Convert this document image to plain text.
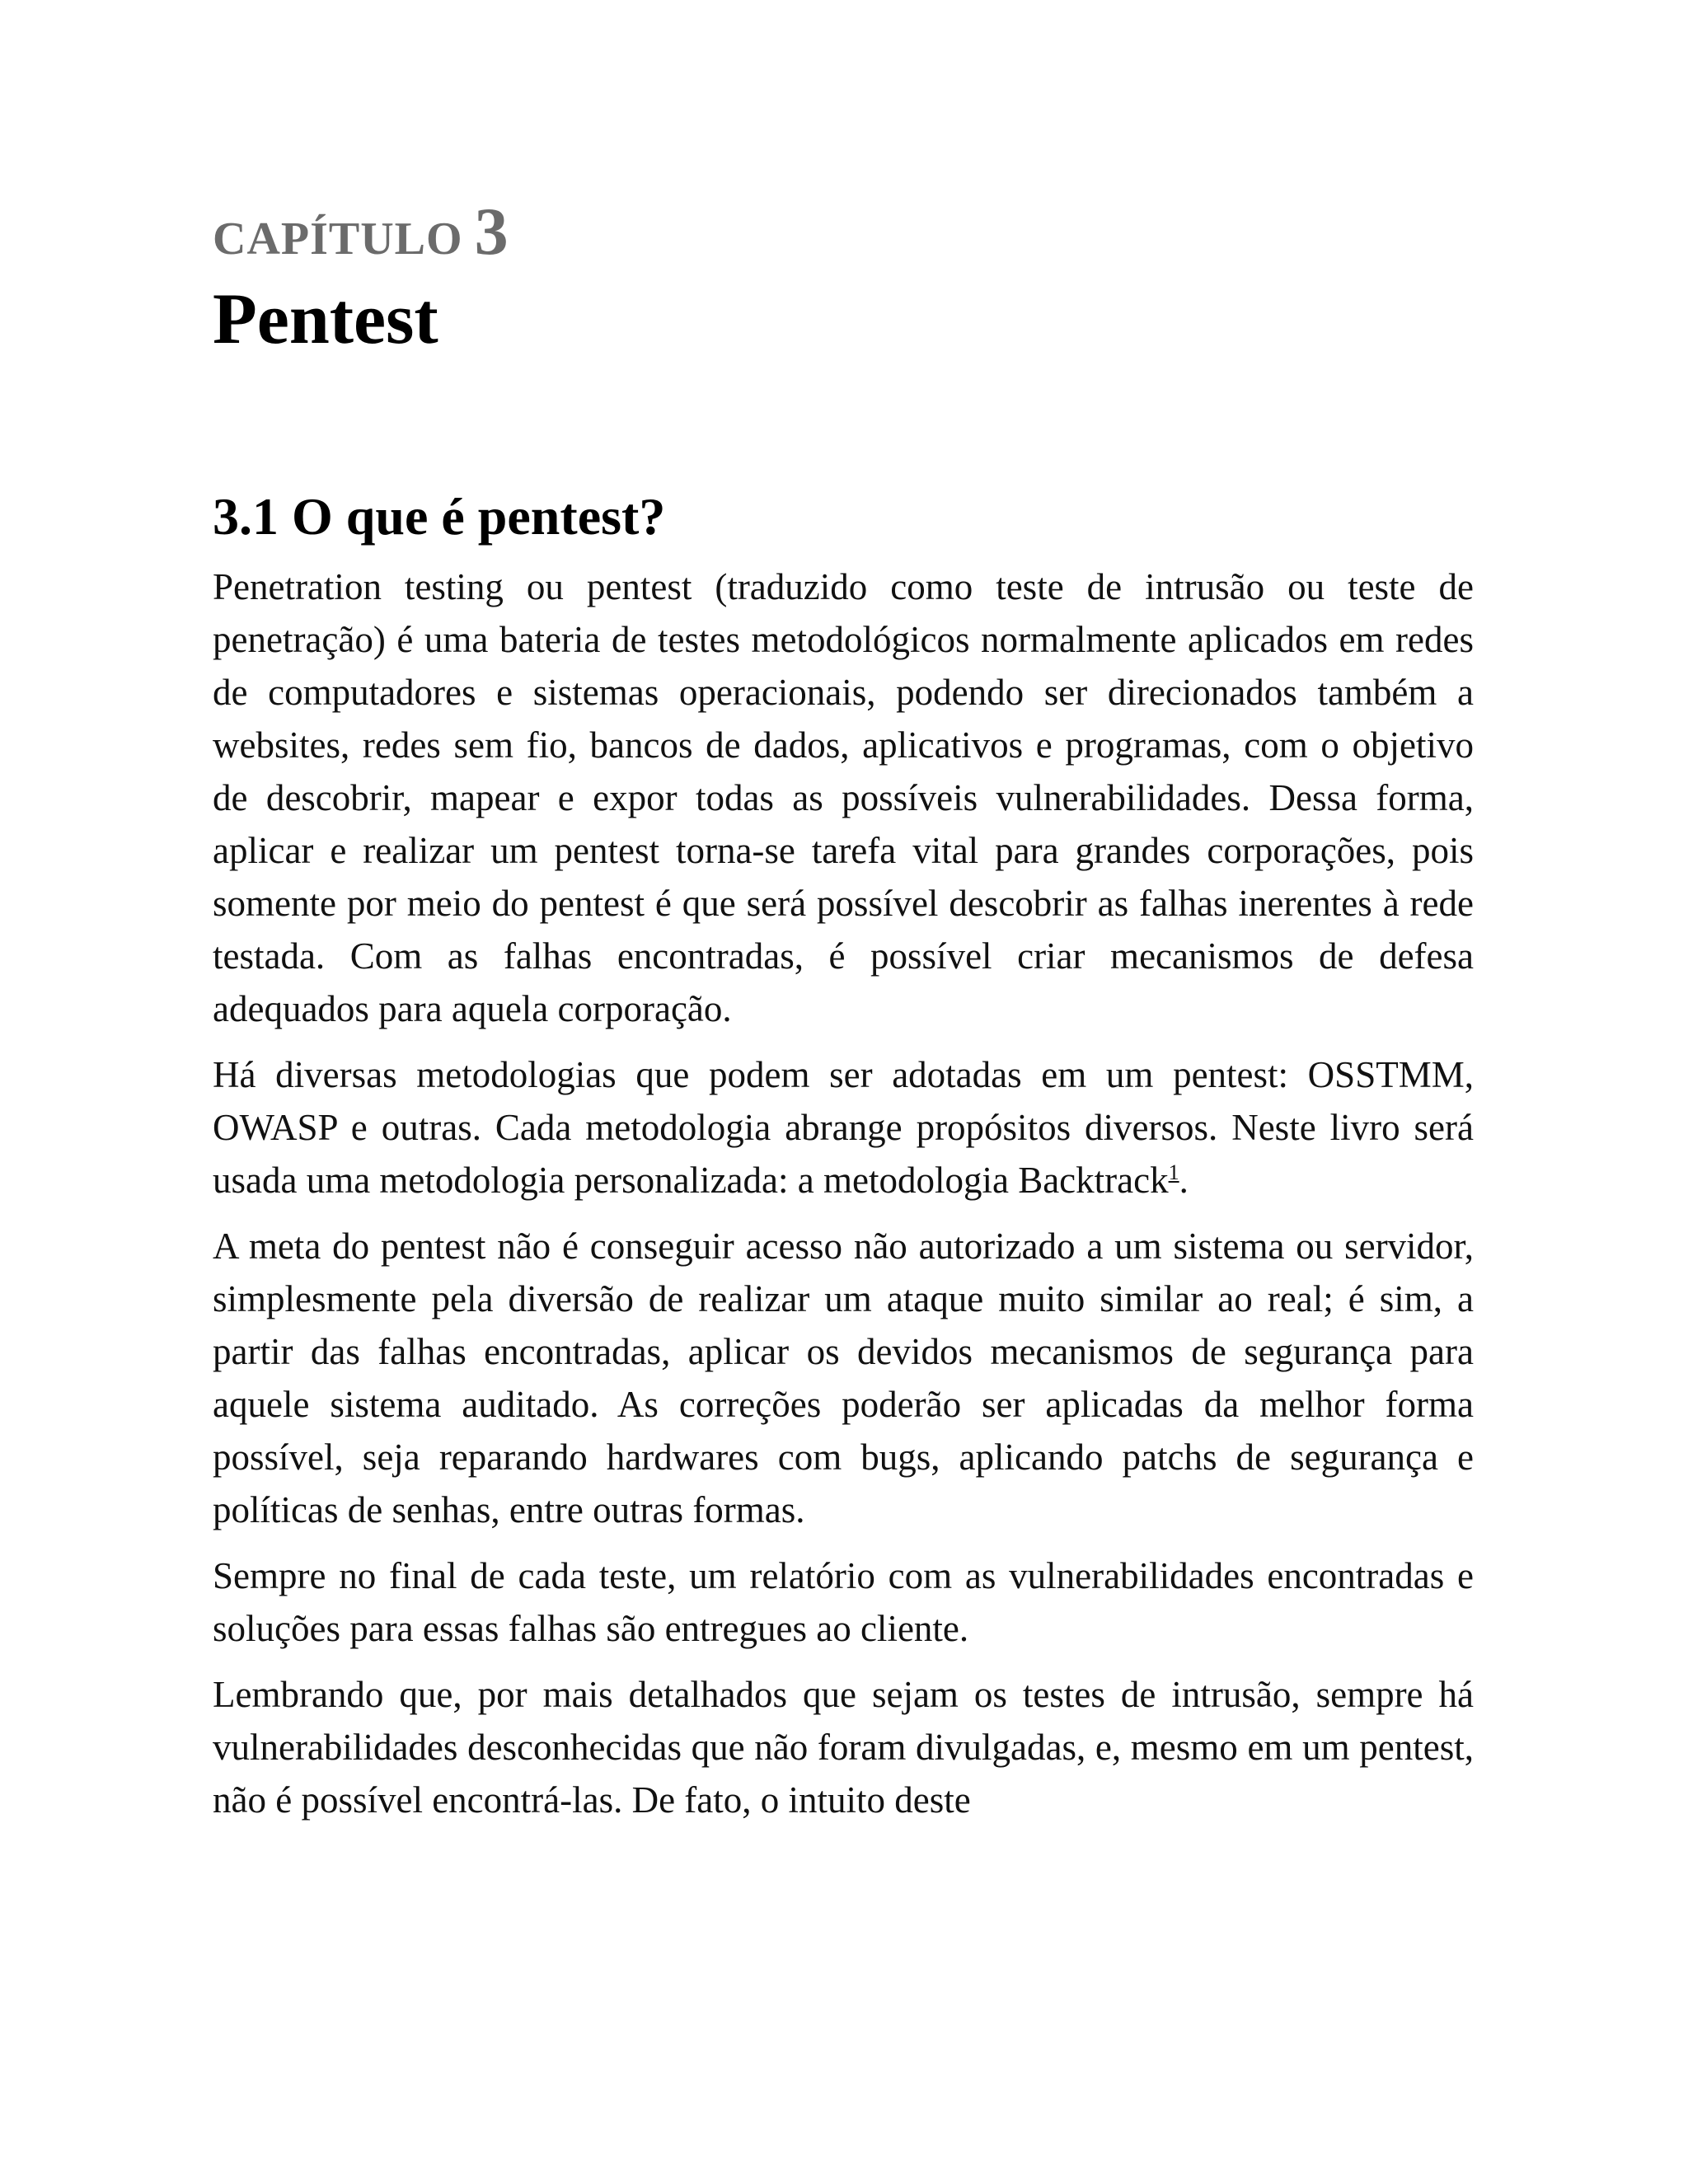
CAPÍTULO 3

Pentest
3.1 O que é pentest?

Penetration testing ou pentest (traduzido como teste de intrusão ou teste de penetração) é uma bateria de testes metodológicos normalmente aplicados em redes de computadores e sistemas operacionais, podendo ser direcionados também a websites, redes sem fio, bancos de dados, aplicativos e programas, com o objetivo de descobrir, mapear e expor todas as possíveis vulnerabilidades. Dessa forma, aplicar e realizar um pentest torna-se tarefa vital para grandes corporações, pois somente por meio do pentest é que será possível descobrir as falhas inerentes à rede testada. Com as falhas encontradas, é possível criar mecanismos de defesa adequados para aquela corporação.

Há diversas metodologias que podem ser adotadas em um pentest: OSSTMM, OWASP e outras. Cada metodologia abrange propósitos diversos. Neste livro será usada uma metodologia personalizada: a metodologia Backtrack$^1$.

A meta do pentest não é conseguir acesso não autorizado a um sistema ou servidor, simplesmente pela diversão de realizar um ataque muito similar ao real; é sim, a partir das falhas encontradas, aplicar os devidos mecanismos de segurança para aquele sistema auditado. As correções poderão ser aplicadas da melhor forma possível, seja reparando hardwares com bugs, aplicando patchs de segurança e políticas de senhas, entre outras formas.

Sempre no final de cada teste, um relatório com as vulnerabilidades encontradas e soluções para essas falhas são entregues ao cliente.

Lembrando que, por mais detalhados que sejam os testes de intrusão, sempre há vulnerabilidades desconhecidas que não foram divulgadas, e, mesmo em um pentest, não é possível encontrá-las. De fato, o intuito deste
